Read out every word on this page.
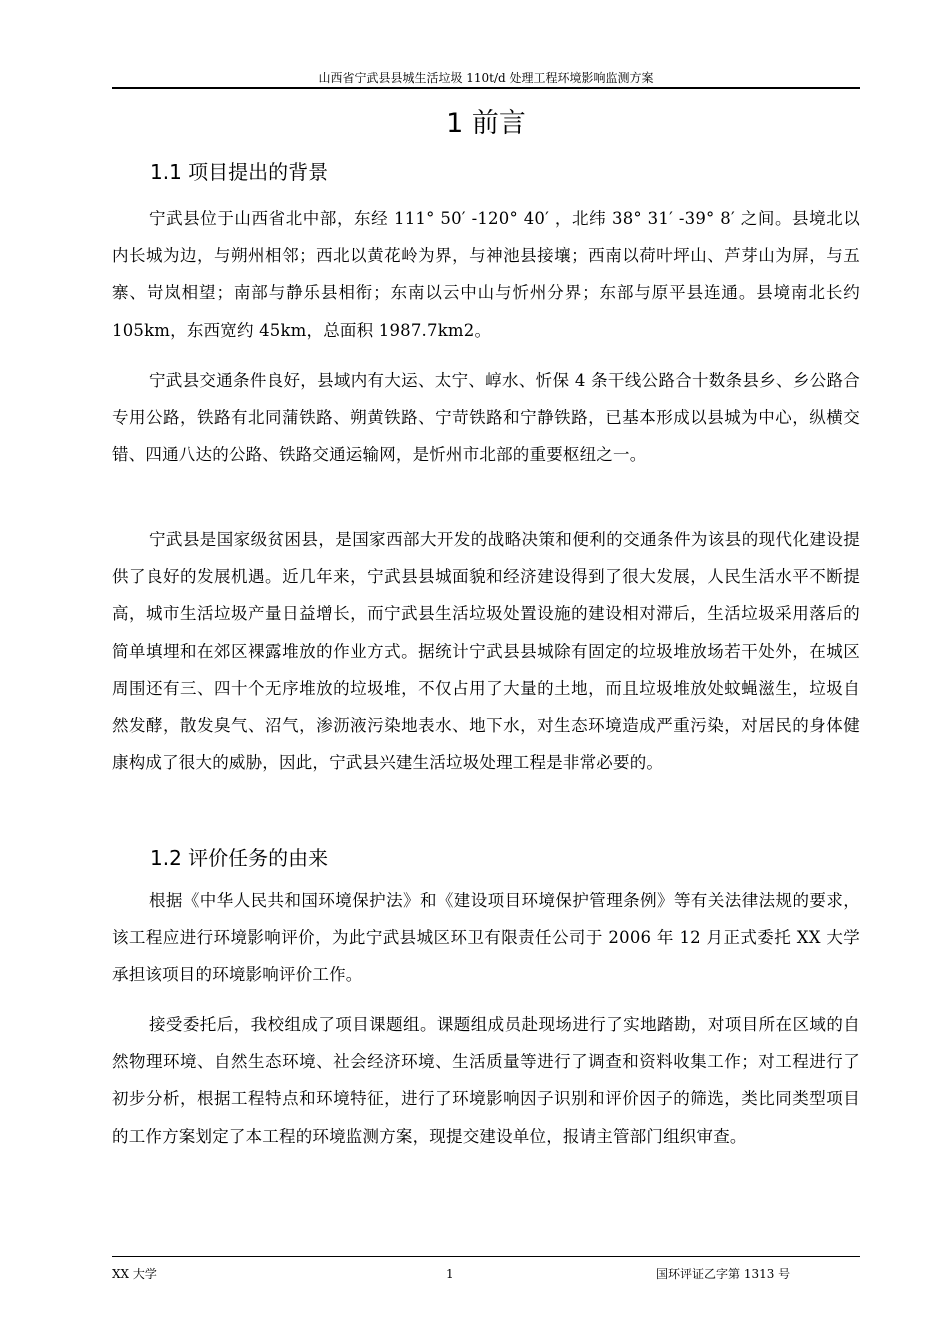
山西省宁武县县城生活垃圾 110t/d 处理工程环境影响监测方案
1 前言
1.1 项目提出的背景

宁武县位于山西省北中部，东经 111° 50′ -120° 40′ ，北纬 38° 31′ -39° 8′ 之间。县境北以内长城为边，与朔州相邻；西北以黄花岭为界，与神池县接壤；西南以荷叶坪山、芦芽山为屏，与五寨、岢岚相望；南部与静乐县相衔；东南以云中山与忻州分界；东部与原平县连通。县境南北长约 105km，东西宽约 45km，总面积 1987.7km2。

宁武县交通条件良好，县域内有大运、太宁、崞水、忻保 4 条干线公路合十数条县乡、乡公路合专用公路，铁路有北同蒲铁路、朔黄铁路、宁苛铁路和宁静铁路，已基本形成以县城为中心，纵横交错、四通八达的公路、铁路交通运输网，是忻州市北部的重要枢纽之一。

宁武县是国家级贫困县，是国家西部大开发的战略决策和便利的交通条件为该县的现代化建设提供了良好的发展机遇。近几年来，宁武县县城面貌和经济建设得到了很大发展，人民生活水平不断提高，城市生活垃圾产量日益增长，而宁武县生活垃圾处置设施的建设相对滞后，生活垃圾采用落后的简单填埋和在郊区裸露堆放的作业方式。据统计宁武县县城除有固定的垃圾堆放场若干处外，在城区周围还有三、四十个无序堆放的垃圾堆，不仅占用了大量的土地，而且垃圾堆放处蚊蝇滋生，垃圾自然发酵，散发臭气、沼气，渗沥液污染地表水、地下水，对生态环境造成严重污染，对居民的身体健康构成了很大的威胁，因此，宁武县兴建生活垃圾处理工程是非常必要的。

1.2 评价任务的由来

根据《中华人民共和国环境保护法》和《建设项目环境保护管理条例》等有关法律法规的要求，该工程应进行环境影响评价，为此宁武县城区环卫有限责任公司于 2006 年 12 月正式委托 XX 大学承担该项目的环境影响评价工作。

接受委托后，我校组成了项目课题组。课题组成员赴现场进行了实地踏勘，对项目所在区域的自然物理环境、自然生态环境、社会经济环境、生活质量等进行了调查和资料收集工作；对工程进行了初步分析，根据工程特点和环境特征，进行了环境影响因子识别和评价因子的筛选，类比同类型项目的工作方案划定了本工程的环境监测方案，现提交建设单位，报请主管部门组织审查。

XX 大学	1	国环评证乙字第 1313 号
